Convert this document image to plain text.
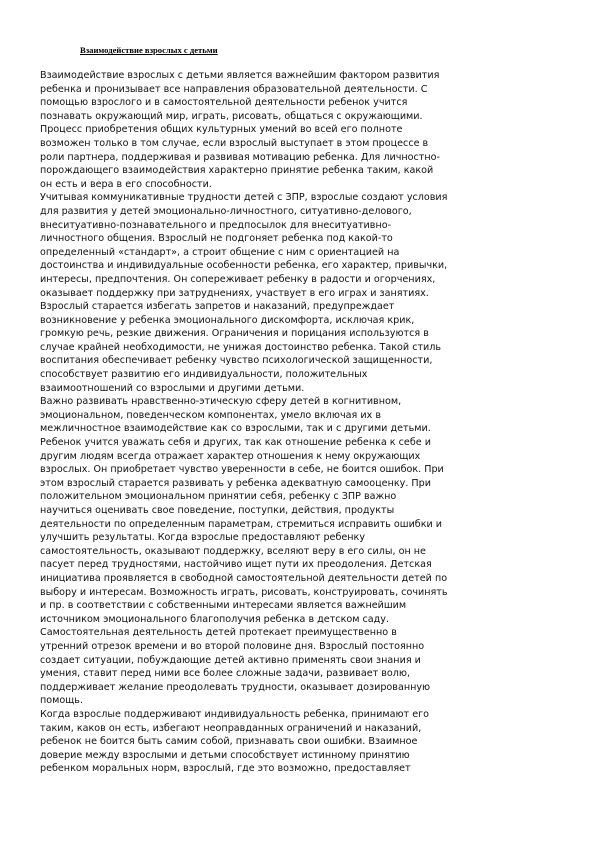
Взаимодействие взрослых с детьми
Взаимодействие взрослых с детьми является важнейшим фактором развития
ребенка и пронизывает все направления образовательной деятельности. С
помощью взрослого и в самостоятельной деятельности ребенок учится
познавать окружающий мир, играть, рисовать, общаться с окружающими.
Процесс приобретения общих культурных умений во всей его полноте
возможен только в том случае, если взрослый выступает в этом процессе в
роли партнера, поддерживая и развивая мотивацию ребенка. Для личностно-
порождающего взаимодействия характерно принятие ребенка таким, какой
он есть и вера в его способности.
Учитывая коммуникативные трудности детей с ЗПР, взрослые создают условия
для развития у детей эмоционально-личностного, ситуативно-делового,
внеситуативно-познавательного и предпосылок для внеситуативно-
личностного общения. Взрослый не подгоняет ребенка под какой-то
определенный «стандарт», а строит общение с ним с ориентацией на
достоинства и индивидуальные особенности ребенка, его характер, привычки,
интересы, предпочтения. Он сопереживает ребенку в радости и огорчениях,
оказывает поддержку при затруднениях, участвует в его играх и занятиях.
Взрослый старается избегать запретов и наказаний, предупреждает
возникновение у ребенка эмоционального дискомфорта, исключая крик,
громкую речь, резкие движения. Ограничения и порицания используются в
случае крайней необходимости, не унижая достоинство ребенка. Такой стиль
воспитания обеспечивает ребенку чувство психологической защищенности,
способствует развитию его индивидуальности, положительных
взаимоотношений со взрослыми и другими детьми.
Важно развивать нравственно-этическую сферу детей в когнитивном,
эмоциональном, поведенческом компонентах, умело включая их в
межличностное взаимодействие как со взрослыми, так и с другими детьми.
Ребенок учится уважать себя и других, так как отношение ребенка к себе и
другим людям всегда отражает характер отношения к нему окружающих
взрослых. Он приобретает чувство уверенности в себе, не боится ошибок. При
этом взрослый старается развивать у ребенка адекватную самооценку. При
положительном эмоциональном принятии себя, ребенку с ЗПР важно
научиться оценивать свое поведение, поступки, действия, продукты
деятельности по определенным параметрам, стремиться исправить ошибки и
улучшить результаты. Когда взрослые предоставляют ребенку
самостоятельность, оказывают поддержку, вселяют веру в его силы, он не
пасует перед трудностями, настойчиво ищет пути их преодоления. Детская
инициатива проявляется в свободной самостоятельной деятельности детей по
выбору и интересам. Возможность играть, рисовать, конструировать, сочинять
и пр. в соответствии с собственными интересами является важнейшим
источником эмоционального благополучия ребенка в детском саду.
Самостоятельная деятельность детей протекает преимущественно в
утренний отрезок времени и во второй половине дня. Взрослый постоянно
создает ситуации, побуждающие детей активно применять свои знания и
умения, ставит перед ними все более сложные задачи, развивает волю,
поддерживает желание преодолевать трудности, оказывает дозированную
помощь.
Когда взрослые поддерживают индивидуальность ребенка, принимают его
таким, каков он есть, избегают неоправданных ограничений и наказаний,
ребенок не боится быть самим собой, признавать свои ошибки. Взаимное
доверие между взрослыми и детьми способствует истинному принятию
ребенком моральных норм, взрослый, где это возможно, предоставляет
